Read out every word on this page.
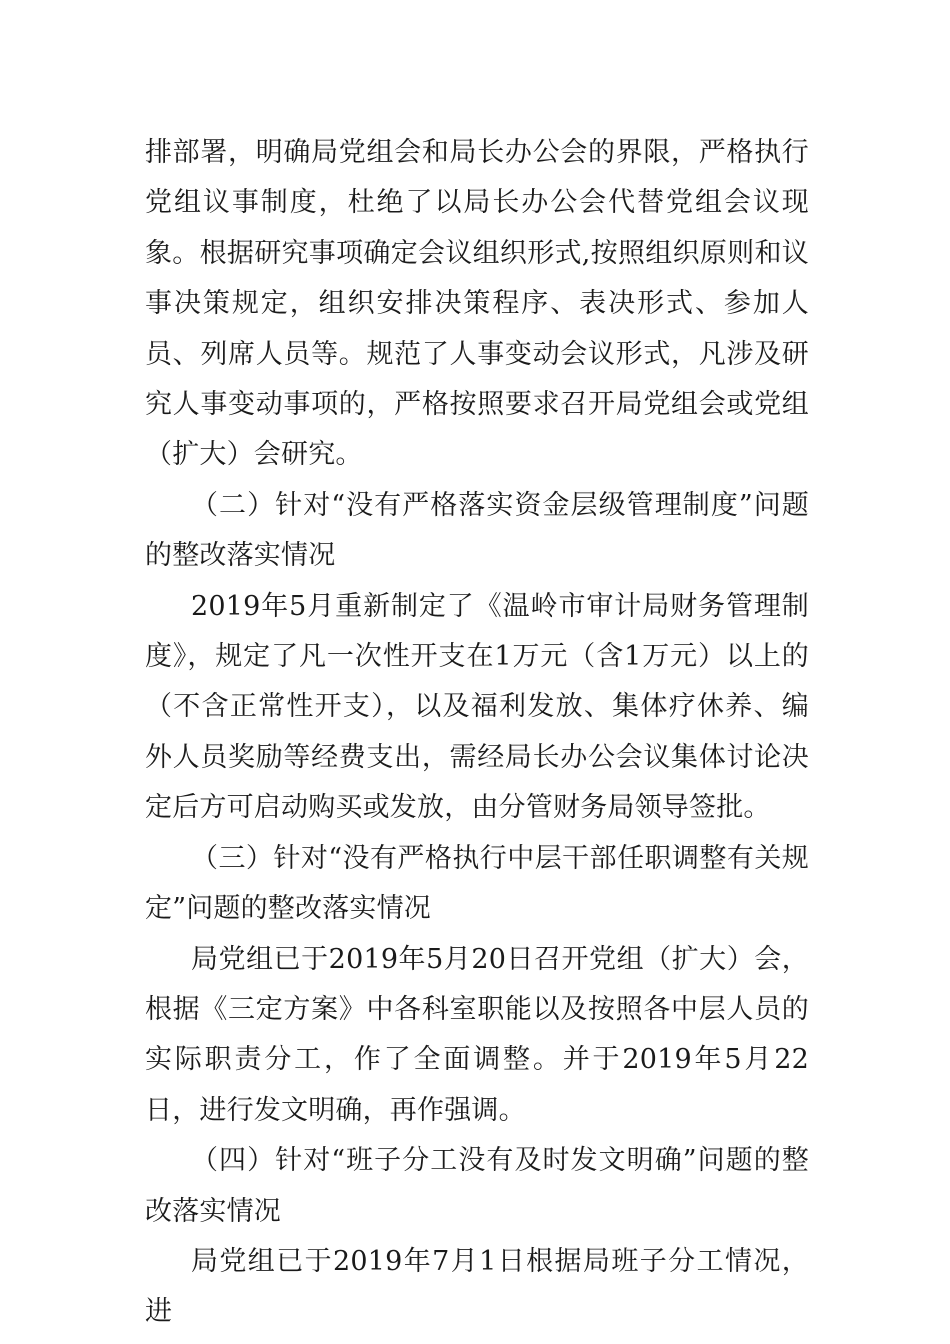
排部署，明确局党组会和局长办公会的界限，严格执行党组议事制度，杜绝了以局长办公会代替党组会议现象。根据研究事项确定会议组织形式,按照组织原则和议事决策规定，组织安排决策程序、表决形式、参加人员、列席人员等。规范了人事变动会议形式，凡涉及研究人事变动事项的，严格按照要求召开局党组会或党组（扩大）会研究。

（二）针对“没有严格落实资金层级管理制度”问题的整改落实情况

2019年5月重新制定了《温岭市审计局财务管理制度》，规定了凡一次性开支在1万元（含1万元）以上的（不含正常性开支），以及福利发放、集体疗休养、编外人员奖励等经费支出，需经局长办公会议集体讨论决定后方可启动购买或发放，由分管财务局领导签批。

（三）针对“没有严格执行中层干部任职调整有关规定”问题的整改落实情况

局党组已于2019年5月20日召开党组（扩大）会，根据《三定方案》中各科室职能以及按照各中层人员的实际职责分工，作了全面调整。并于2019年5月22日，进行发文明确，再作强调。

（四）针对“班子分工没有及时发文明确”问题的整改落实情况

局党组已于2019年7月1日根据局班子分工情况，进
